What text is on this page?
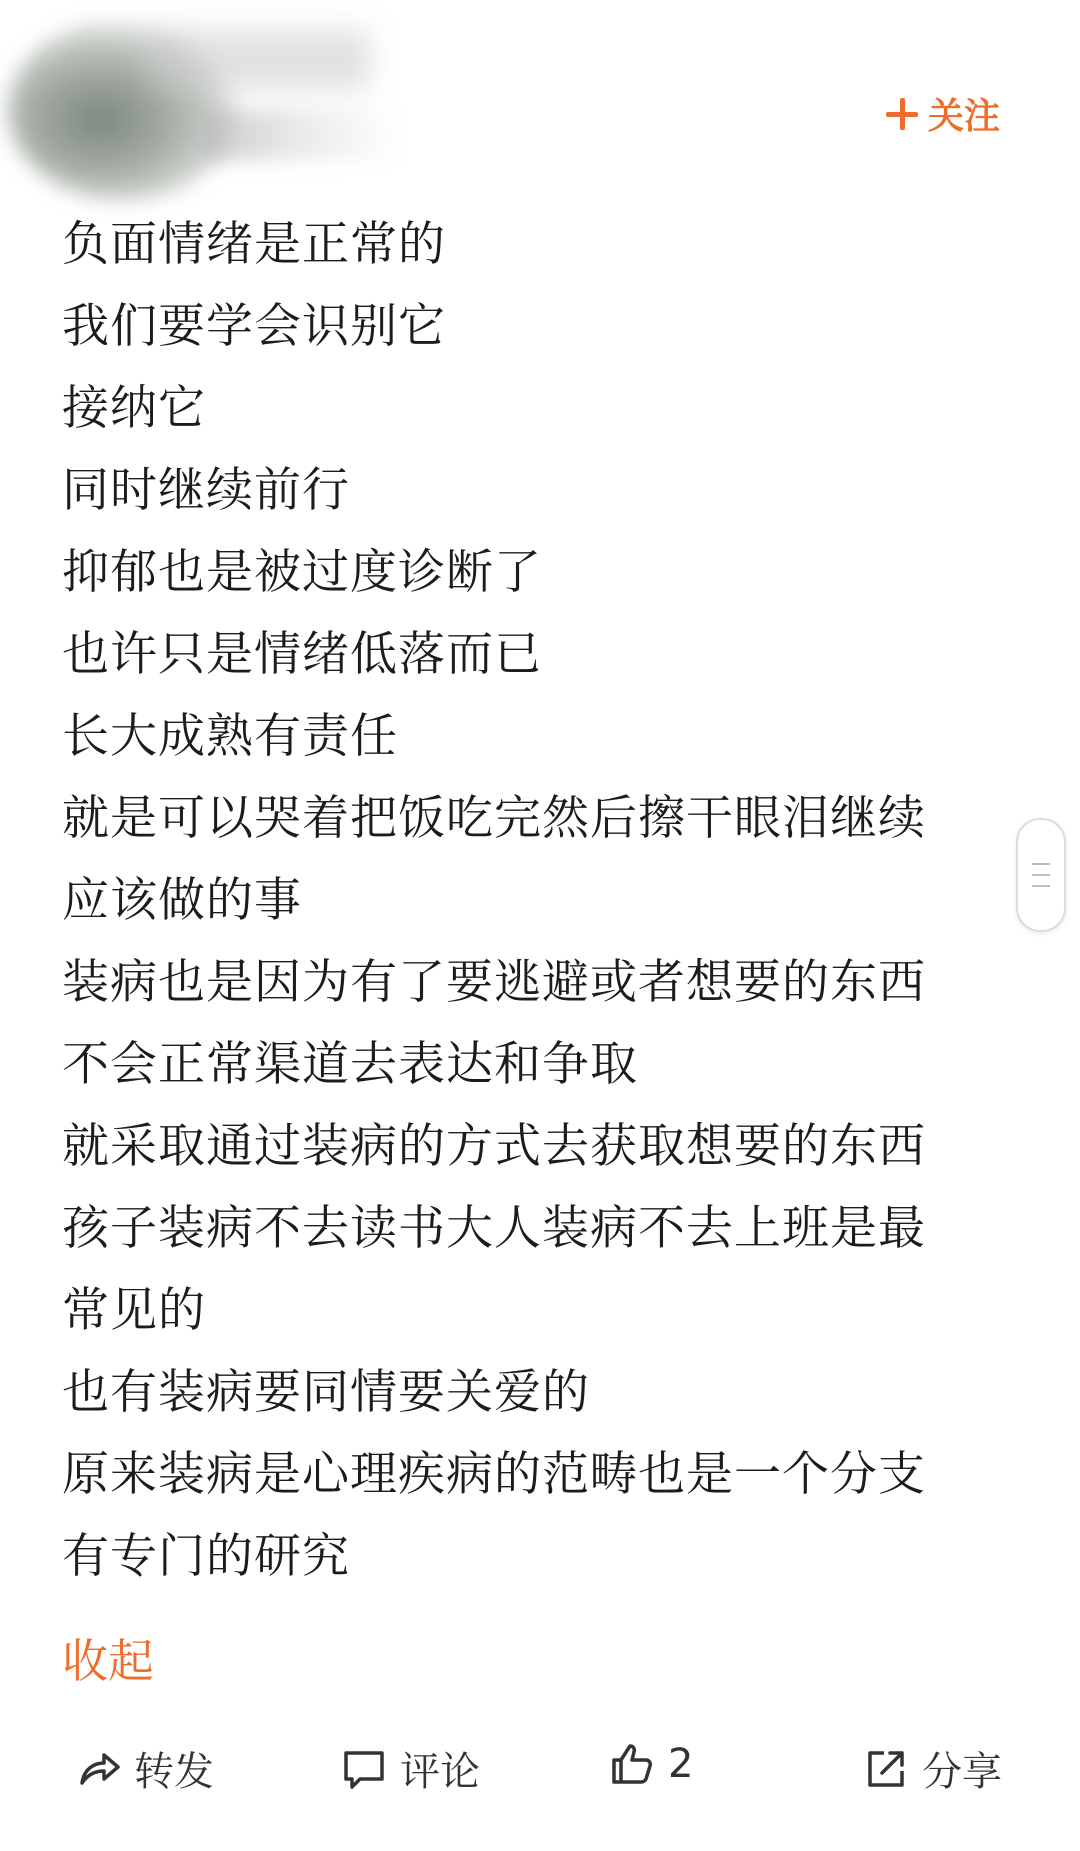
关注
负面情绪是正常的
我们要学会识别它
接纳它
同时继续前行
抑郁也是被过度诊断了
也许只是情绪低落而已
长大成熟有责任
就是可以哭着把饭吃完然后擦干眼泪继续
应该做的事
装病也是因为有了要逃避或者想要的东西
不会正常渠道去表达和争取
就采取通过装病的方式去获取想要的东西
孩子装病不去读书大人装病不去上班是最
常见的
也有装病要同情要关爱的
原来装病是心理疾病的范畴也是一个分支
有专门的研究
收起
转发	评论	2	分享
